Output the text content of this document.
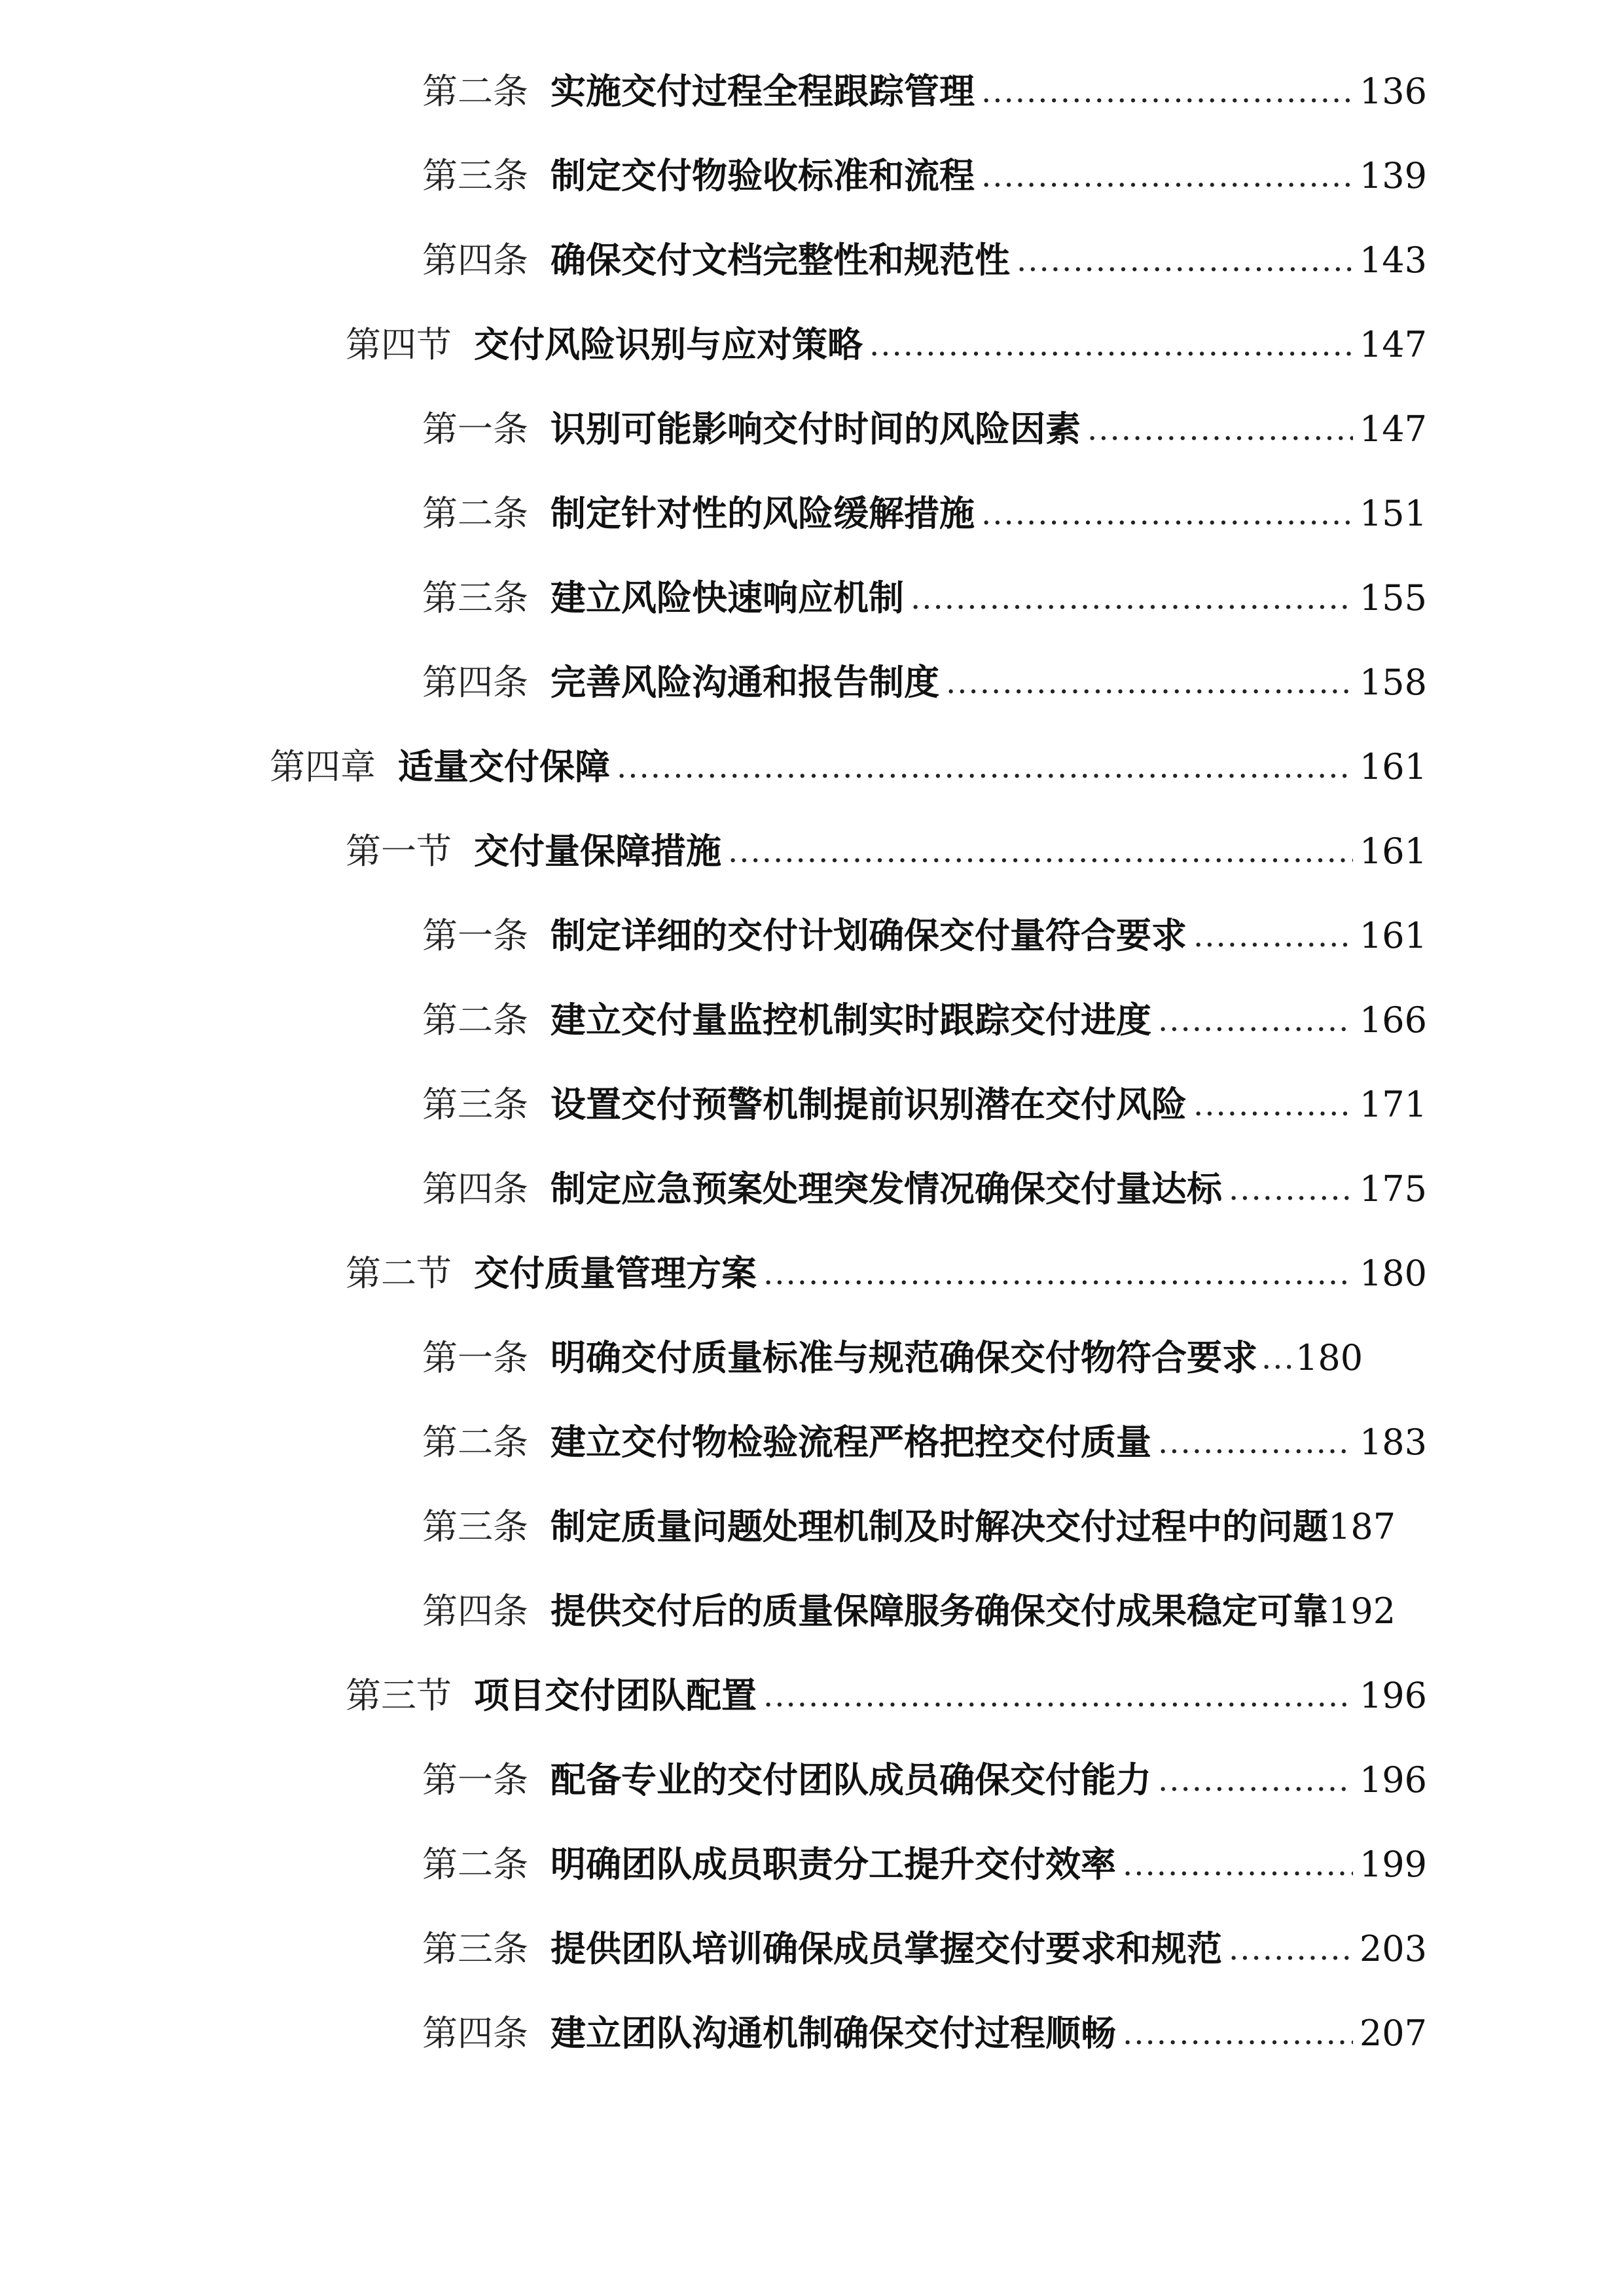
第二条 实施交付过程全程跟踪管理 .....	136
第三条 制定交付物验收标准和流程 .....	139
第四条 确保交付文档完整性和规范性 .....	143
第四节 交付风险识别与应对策略 .....	147
第一条 识别可能影响交付时间的风险因素 .....	147
第二条 制定针对性的风险缓解措施 .....	151
第三条 建立风险快速响应机制 .....	155
第四条 完善风险沟通和报告制度 .....	158
第四章 适量交付保障 .....	161
第一节 交付量保障措施 .....	161
第一条 制定详细的交付计划确保交付量符合要求 .....	161
第二条 建立交付量监控机制实时跟踪交付进度 .....	166
第三条 设置交付预警机制提前识别潜在交付风险 .....	171
第四条 制定应急预案处理突发情况确保交付量达标 .....	175
第二节 交付质量管理方案 .....	180
第一条 明确交付质量标准与规范确保交付物符合要求 ..... 180
第二条 建立交付物检验流程严格把控交付质量 .....	183
第三条 制定质量问题处理机制及时解决交付过程中的问题 187
第四条 提供交付后的质量保障服务确保交付成果稳定可靠 192
第三节 项目交付团队配置 .....	196
第一条 配备专业的交付团队成员确保交付能力 .....	196
第二条 明确团队成员职责分工提升交付效率 .....	199
第三条 提供团队培训确保成员掌握交付要求和规范 .....	203
第四条 建立团队沟通机制确保交付过程顺畅 .....	207
